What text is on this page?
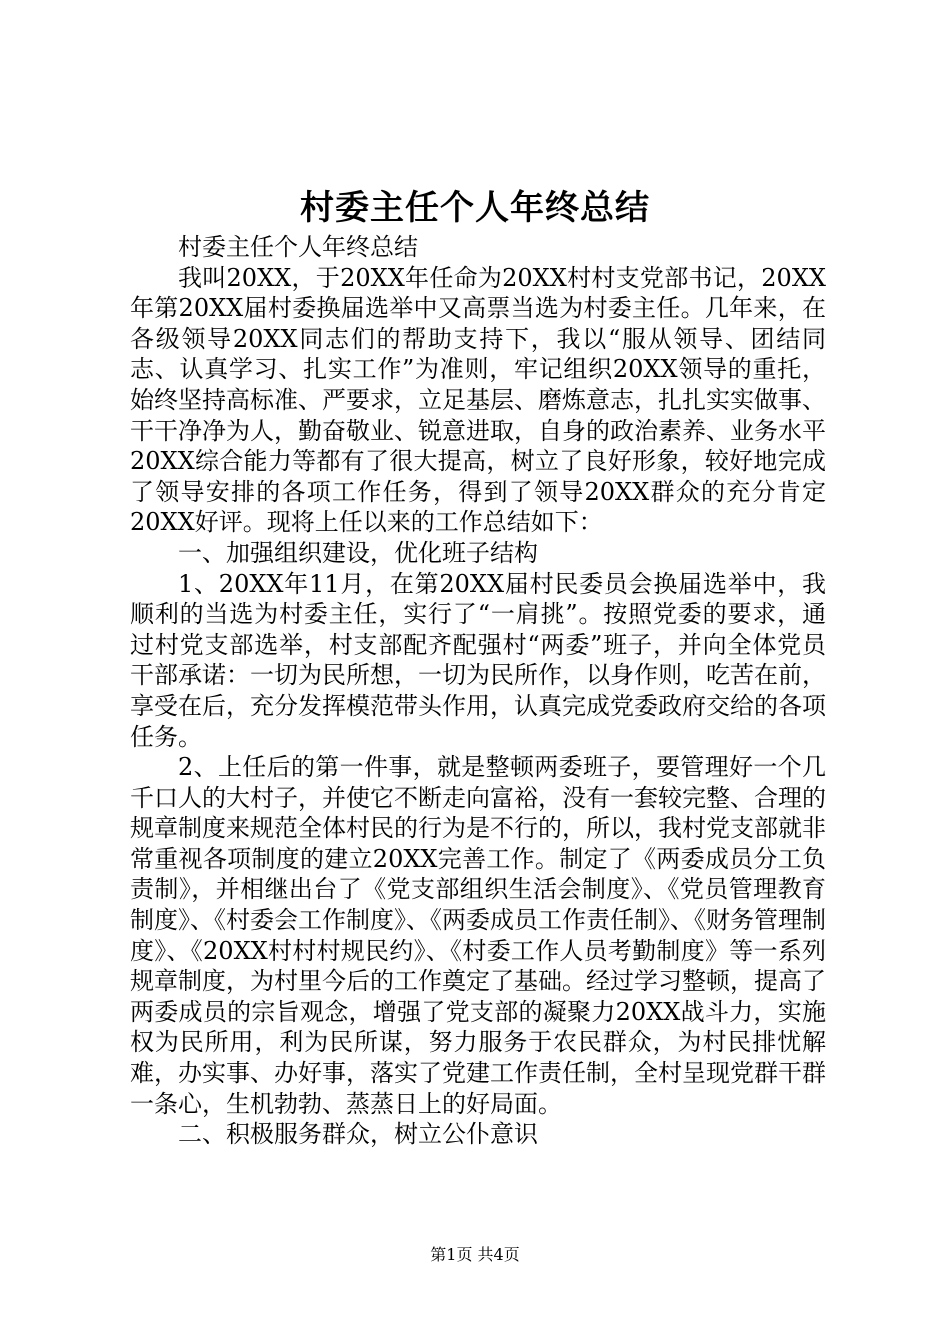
村委主任个人年终总结

村委主任个人年终总结

我叫20XX，于20XX年任命为20XX村村支党部书记，20XX年第20XX届村委换届选举中又高票当选为村委主任。几年来，在各级领导20XX同志们的帮助支持下，我以“服从领导、团结同志、认真学习、扎实工作”为准则，牢记组织20XX领导的重托，始终坚持高标准、严要求，立足基层、磨炼意志，扎扎实实做事、干干净净为人，勤奋敬业、锐意进取，自身的政治素养、业务水平20XX综合能力等都有了很大提高，树立了良好形象，较好地完成了领导安排的各项工作任务，得到了领导20XX群众的充分肯定20XX好评。现将上任以来的工作总结如下：

一、加强组织建设，优化班子结构

1、20XX年11月，在第20XX届村民委员会换届选举中，我顺利的当选为村委主任，实行了“一肩挑”。按照党委的要求，通过村党支部选举，村支部配齐配强村“两委”班子，并向全体党员干部承诺：一切为民所想，一切为民所作，以身作则，吃苦在前，享受在后，充分发挥模范带头作用，认真完成党委政府交给的各项任务。

2、上任后的第一件事，就是整顿两委班子，要管理好一个几千口人的大村子，并使它不断走向富裕，没有一套较完整、合理的规章制度来规范全体村民的行为是不行的，所以，我村党支部就非常重视各项制度的建立20XX完善工作。制定了《两委成员分工负责制》，并相继出台了《党支部组织生活会制度》、《党员管理教育制度》、《村委会工作制度》、《两委成员工作责任制》、《财务管理制度》、《20XX村村村规民约》、《村委工作人员考勤制度》等一系列规章制度，为村里今后的工作奠定了基础。经过学习整顿，提高了两委成员的宗旨观念，增强了党支部的凝聚力20XX战斗力，实施权为民所用，利为民所谋，努力服务于农民群众，为村民排忧解难，办实事、办好事，落实了党建工作责任制，全村呈现党群干群一条心，生机勃勃、蒸蒸日上的好局面。

二、积极服务群众，树立公仆意识

第1页 共4页
